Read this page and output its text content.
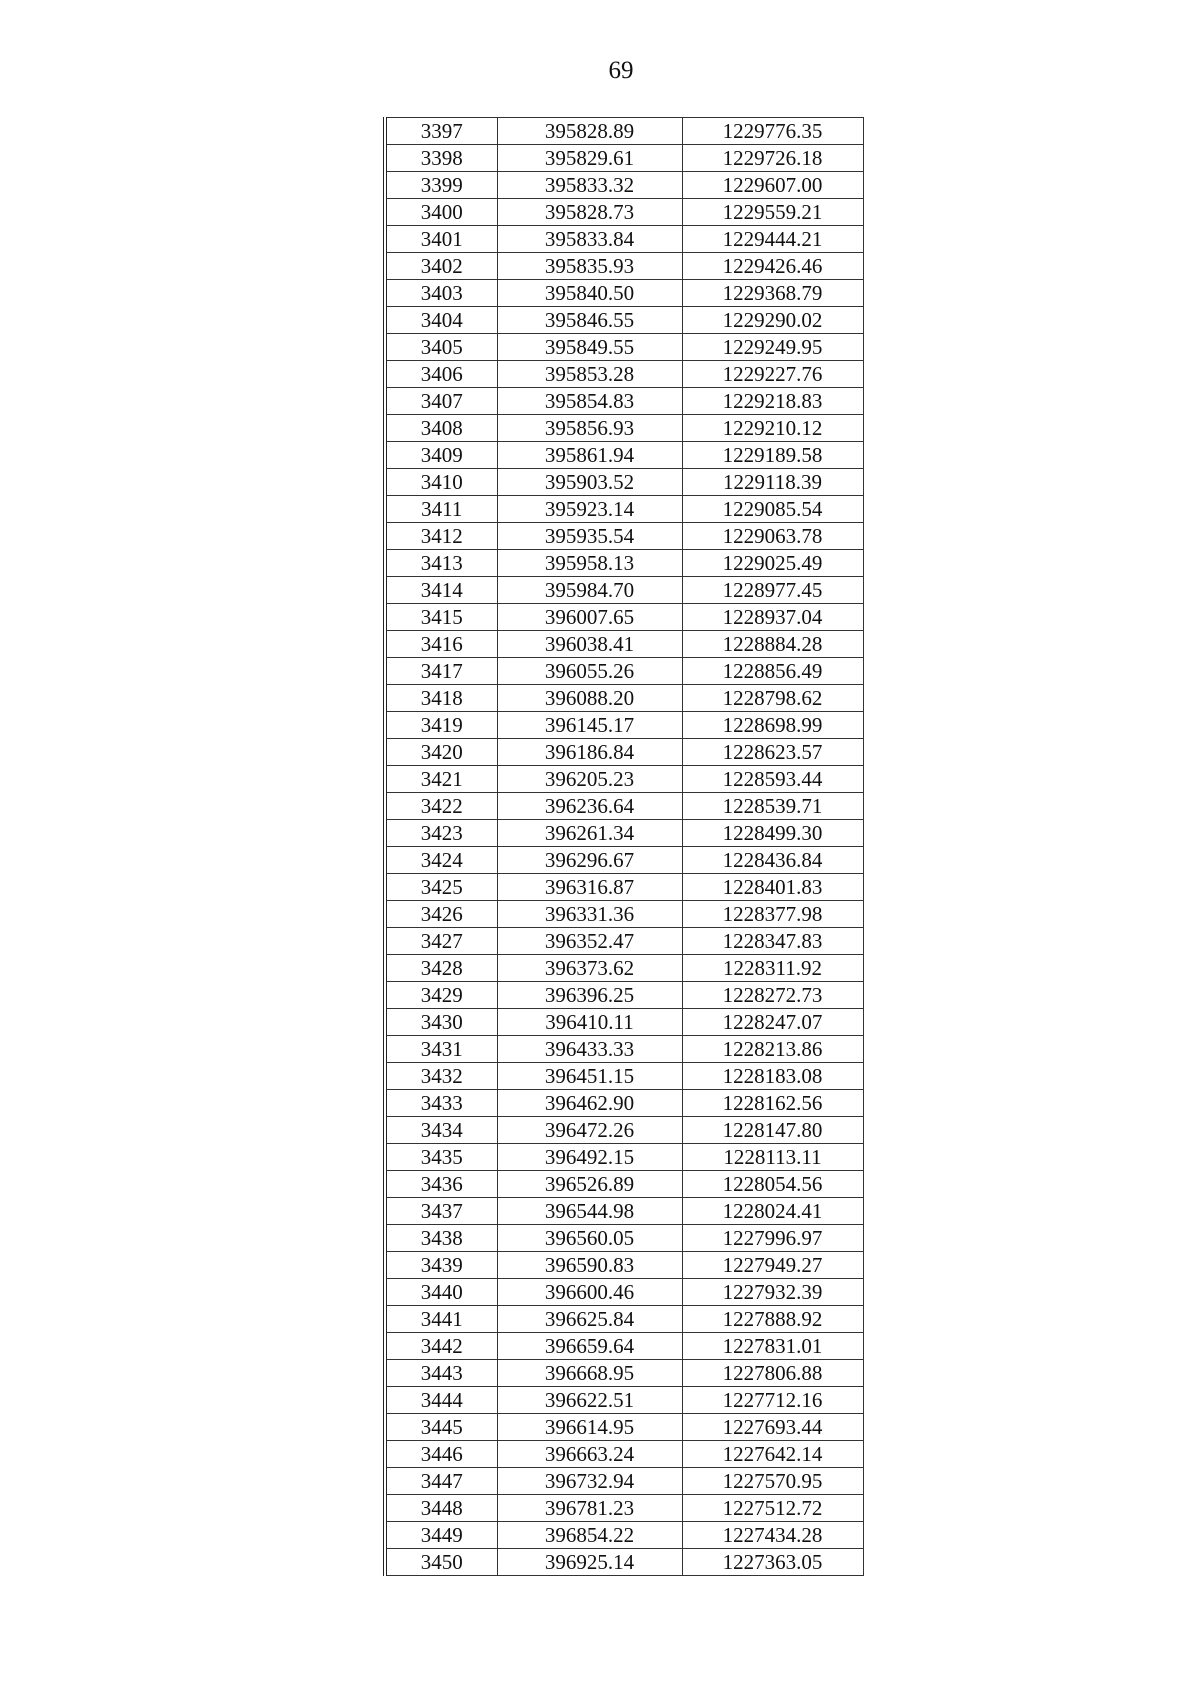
69
3397	395828.89	1229776.35
3398	395829.61	1229726.18
3399	395833.32	1229607.00
3400	395828.73	1229559.21
3401	395833.84	1229444.21
3402	395835.93	1229426.46
3403	395840.50	1229368.79
3404	395846.55	1229290.02
3405	395849.55	1229249.95
3406	395853.28	1229227.76
3407	395854.83	1229218.83
3408	395856.93	1229210.12
3409	395861.94	1229189.58
3410	395903.52	1229118.39
3411	395923.14	1229085.54
3412	395935.54	1229063.78
3413	395958.13	1229025.49
3414	395984.70	1228977.45
3415	396007.65	1228937.04
3416	396038.41	1228884.28
3417	396055.26	1228856.49
3418	396088.20	1228798.62
3419	396145.17	1228698.99
3420	396186.84	1228623.57
3421	396205.23	1228593.44
3422	396236.64	1228539.71
3423	396261.34	1228499.30
3424	396296.67	1228436.84
3425	396316.87	1228401.83
3426	396331.36	1228377.98
3427	396352.47	1228347.83
3428	396373.62	1228311.92
3429	396396.25	1228272.73
3430	396410.11	1228247.07
3431	396433.33	1228213.86
3432	396451.15	1228183.08
3433	396462.90	1228162.56
3434	396472.26	1228147.80
3435	396492.15	1228113.11
3436	396526.89	1228054.56
3437	396544.98	1228024.41
3438	396560.05	1227996.97
3439	396590.83	1227949.27
3440	396600.46	1227932.39
3441	396625.84	1227888.92
3442	396659.64	1227831.01
3443	396668.95	1227806.88
3444	396622.51	1227712.16
3445	396614.95	1227693.44
3446	396663.24	1227642.14
3447	396732.94	1227570.95
3448	396781.23	1227512.72
3449	396854.22	1227434.28
3450	396925.14	1227363.05
